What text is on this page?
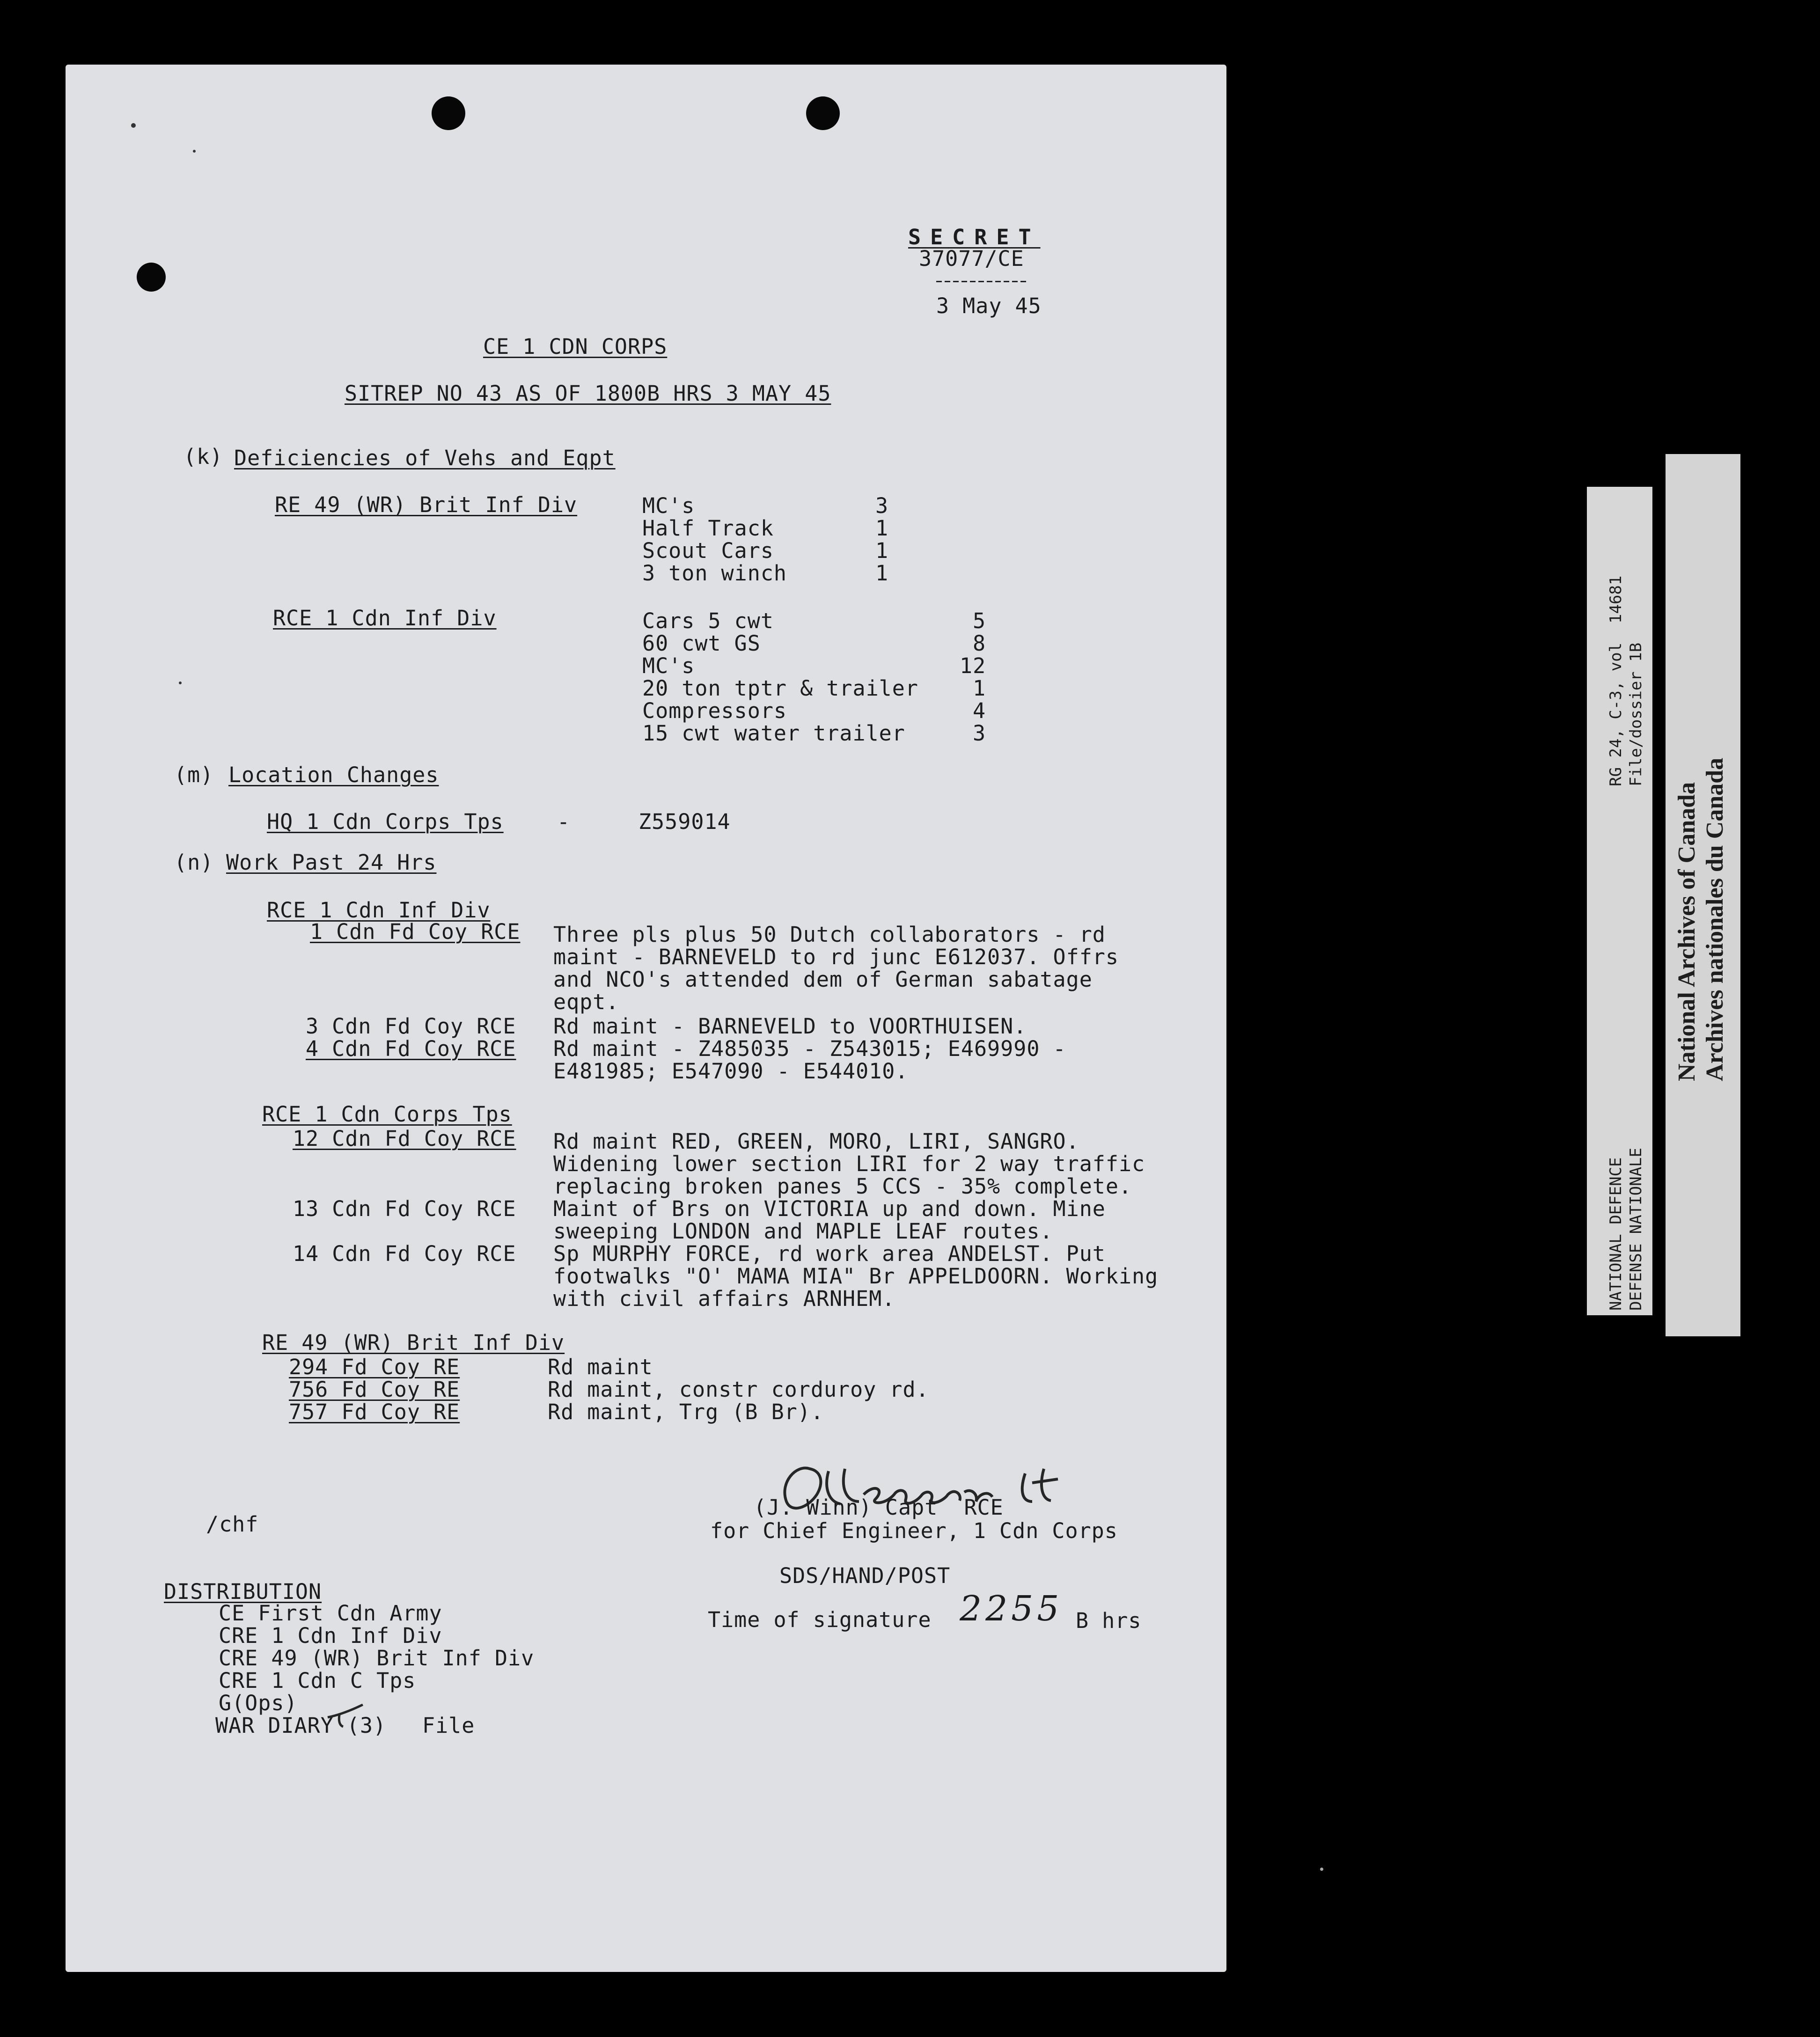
SECRET
37077/CE
3 May 45
CE 1 CDN CORPS
SITREP NO 43 AS OF 1800B HRS 3 MAY 45
(k) Deficiencies of Vehs and Eqpt
RE 49 (WR) Brit Inf Div	MC's	3
Half Track	1
Scout Cars	1
3 ton winch	1
RCE 1 Cdn Inf Div	Cars 5 cwt	5
60 cwt GS	8
MC's	12
20 ton tptr & trailer	1
Compressors	4
15 cwt water trailer	3
(m) Location Changes
HQ 1 Cdn Corps Tps	-	Z559014
(n) Work Past 24 Hrs
RCE 1 Cdn Inf Div
1 Cdn Fd Coy RCE Three pls plus 50 Dutch collaborators - rd
maint - BARNEVELD to rd junc E612037. Offrs
and NCO's attended dem of German sabatage
eqpt.
3 Cdn Fd Coy RCE Rd maint - BARNEVELD to VOORTHUISEN.
4 Cdn Fd Coy RCE Rd maint - Z485035 - Z543015; E469990 -
E481985; E547090 - E544010.
RCE 1 Cdn Corps Tps
12 Cdn Fd Coy RCE Rd maint RED, GREEN, MORO, LIRI, SANGRO.
Widening lower section LIRI for 2 way traffic
replacing broken panes 5 CCS - 35% complete.
13 Cdn Fd Coy RCE Maint of Brs on VICTORIA up and down. Mine
sweeping LONDON and MAPLE LEAF routes.
14 Cdn Fd Coy RCE Sp MURPHY FORCE, rd work area ANDELST. Put
footwalks "O' MAMA MIA" Br APPELDOORN. Working
with civil affairs ARNHEM.
RE 49 (WR) Brit Inf Div
294 Fd Coy RE	Rd maint
756 Fd Coy RE	Rd maint, constr corduroy rd.
757 Fd Coy RE	Rd maint, Trg (B Br).
(J. Winn) Capt  RCE
for Chief Engineer, 1 Cdn Corps
/chf
SDS/HAND/POST
Time of signature 2255 B hrs
DISTRIBUTION
CE First Cdn Army
CRE 1 Cdn Inf Div
CRE 49 (WR) Brit Inf Div
CRE 1 Cdn C Tps
G(Ops)
WAR DIARY (3) File
RG 24, C-3, vol  14681 File/dossier 1B
NATIONAL DEFENCE DEFENSE NATIONALE
National Archives of Canada Archives nationales du Canada
